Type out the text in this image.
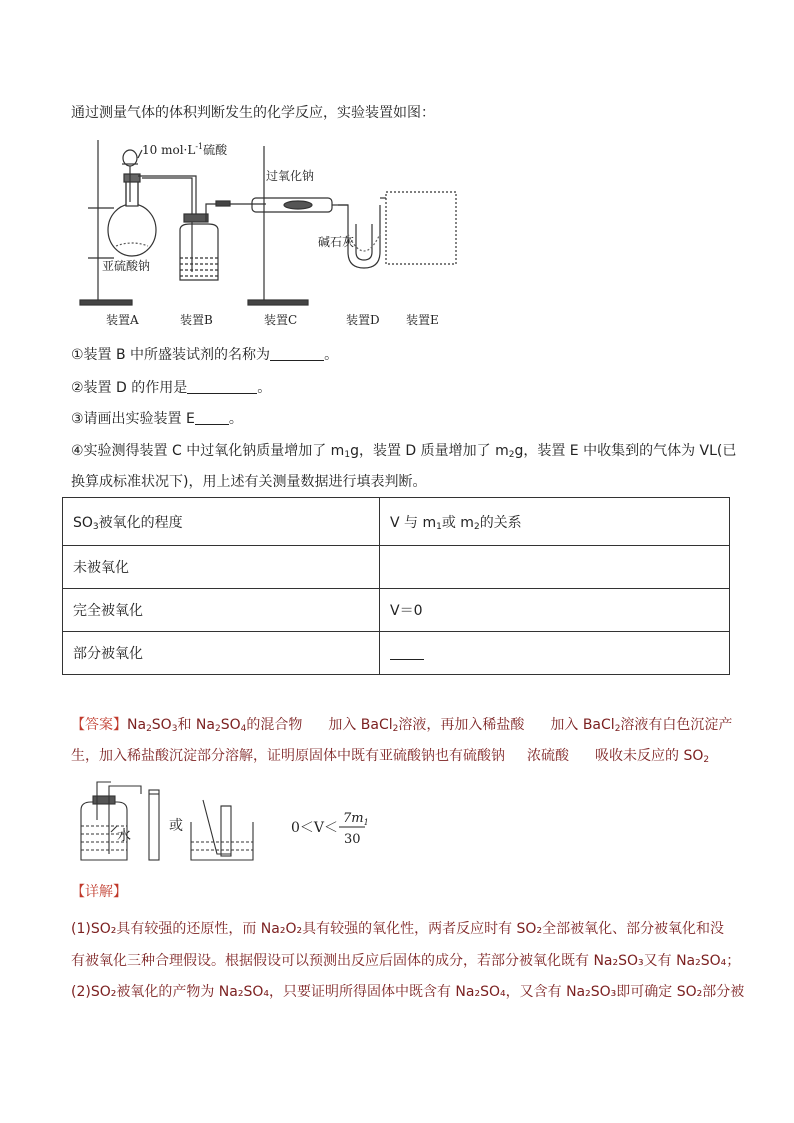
通过测量气体的体积判断发生的化学反应，实验装置如图：
10 $mol\cdot L^{-1}$硫酸
亚硫酸钠
过氧化钠
碱石灰
装置A	装置B	装置C	装置D 装置E
①装置 B 中所盛装试剂的名称为	。
②装置 D 的作用是	。
③请画出实验装置 E 。
④实验测得装置 C 中过氧化钠质量增加了 $m_1g$，装置 D 质量增加了 $m_2g$，装置 E 中收集到的气体为 VL(已
换算成标准状况下)，用上述有关测量数据进行填表判断。
$SO_3$被氧化的程度	V 与 $m_1$或 $m_2$的关系
未被氧化	
完全被氧化	V＝0
部分被氧化	
【答案】$Na_2SO_3$和 $Na_2SO_4$的混合物 加入 BaCl$_2$溶液，再加入稀盐酸 加入 BaCl$_2$溶液有白色沉淀产
生，加入稀盐酸沉淀部分溶解，证明原固体中既有亚硫酸钠也有硫酸钠 浓硫酸 吸收未反应的 $SO_2$
水
或	0＜V＜
$7m_1$
30
【详解】
(1)SO₂具有较强的还原性，而 Na₂O₂具有较强的氧化性，两者反应时有 SO₂全部被氧化、部分被氧化和没
有被氧化三种合理假设。根据假设可以预测出反应后固体的成分，若部分被氧化既有 Na₂SO₃又有 Na₂SO₄；
(2)SO₂被氧化的产物为 Na₂SO₄，只要证明所得固体中既含有 Na₂SO₄，又含有 Na₂SO₃即可确定 SO₂部分被
